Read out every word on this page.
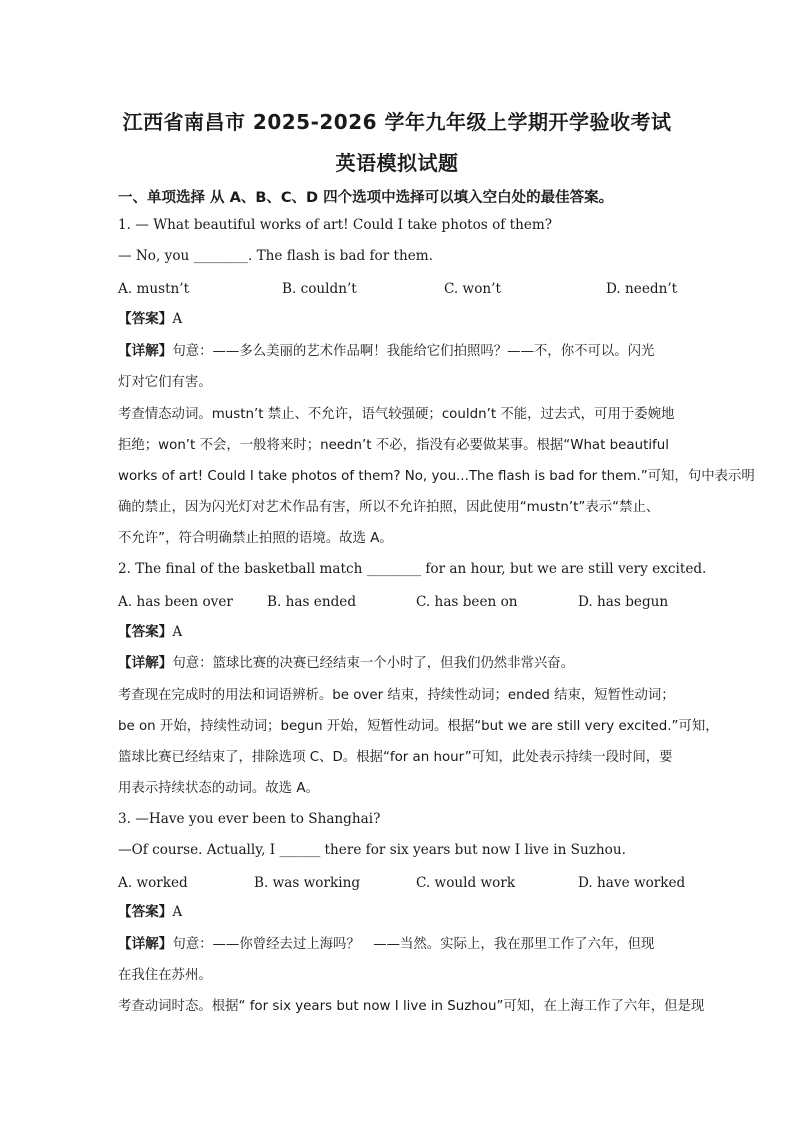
江西省南昌市 2025-2026 学年九年级上学期开学验收考试
英语模拟试题
一、单项选择 从 A、B、C、D 四个选项中选择可以填入空白处的最佳答案。
1. — What beautiful works of art! Could I take photos of them?
— No, you ________. The flash is bad for them.
A. mustn’t	B. couldn’t	C. won’t	D. needn’t
【答案】A
【详解】句意：——多么美丽的艺术作品啊！我能给它们拍照吗？——不，你不可以。闪光
灯对它们有害。
考查情态动词。mustn’t 禁止、不允许，语气较强硬；couldn’t 不能，过去式，可用于委婉地
拒绝；won’t 不会，一般将来时；needn’t 不必，指没有必要做某事。根据“What beautiful
works of art! Could I take photos of them? No, you...The flash is bad for them.”可知，句中表示明
确的禁止，因为闪光灯对艺术作品有害，所以不允许拍照，因此使用“mustn’t”表示“禁止、
不允许”，符合明确禁止拍照的语境。故选 A。
2. The final of the basketball match ________ for an hour, but we are still very excited.
A. has been over	B. has ended	C. has been on	D. has begun
【答案】A
【详解】句意：篮球比赛的决赛已经结束一个小时了，但我们仍然非常兴奋。
考查现在完成时的用法和词语辨析。be over 结束，持续性动词；ended 结束，短暂性动词；
be on 开始，持续性动词；begun 开始，短暂性动词。根据“but we are still very excited.”可知，
篮球比赛已经结束了，排除选项 C、D。根据“for an hour”可知，此处表示持续一段时间，要
用表示持续状态的动词。故选 A。
3. —Have you ever been to Shanghai?
—Of course. Actually, I ______ there for six years but now I live in Suzhou.
A. worked	B. was working	C. would work	D. have worked
【答案】A
【详解】句意：——你曾经去过上海吗？　——当然。实际上，我在那里工作了六年，但现
在我住在苏州。
考查动词时态。根据“ for six years but now I live in Suzhou”可知，在上海工作了六年，但是现
